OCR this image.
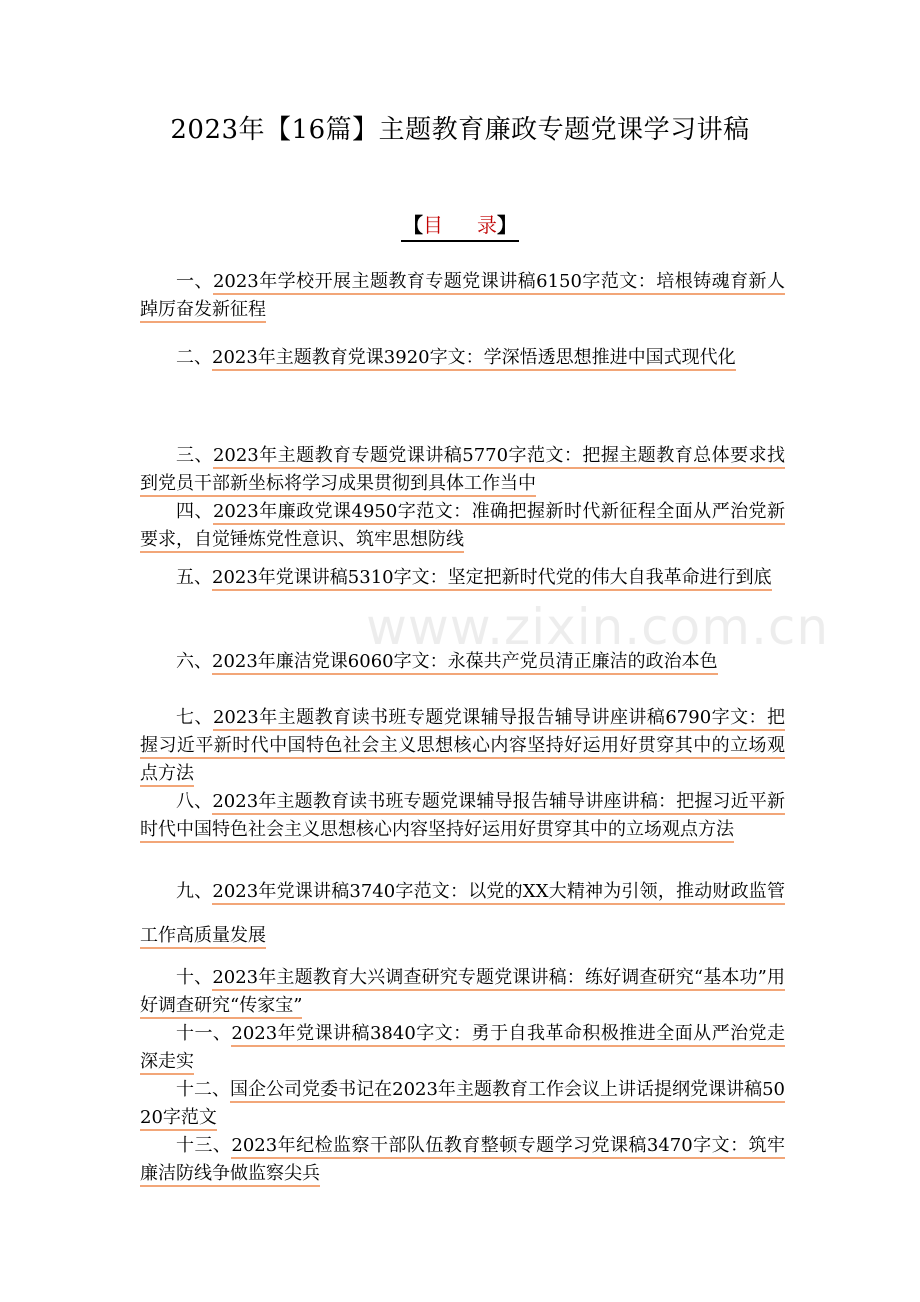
2023年【16篇】主题教育廉政专题党课学习讲稿
【目 录】
一、2023年学校开展主题教育专题党课讲稿6150字范文：培根铸魂育新人踔厉奋发新征程
二、2023年主题教育党课3920字文：学深悟透思想推进中国式现代化
三、2023年主题教育专题党课讲稿5770字范文：把握主题教育总体要求找到党员干部新坐标将学习成果贯彻到具体工作当中
四、2023年廉政党课4950字范文：准确把握新时代新征程全面从严治党新要求，自觉锤炼党性意识、筑牢思想防线
五、2023年党课讲稿5310字文：坚定把新时代党的伟大自我革命进行到底
六、2023年廉洁党课6060字文：永葆共产党员清正廉洁的政治本色
七、2023年主题教育读书班专题党课辅导报告辅导讲座讲稿6790字文：把握习近平新时代中国特色社会主义思想核心内容坚持好运用好贯穿其中的立场观点方法
八、2023年主题教育读书班专题党课辅导报告辅导讲座讲稿：把握习近平新时代中国特色社会主义思想核心内容坚持好运用好贯穿其中的立场观点方法
九、2023年党课讲稿3740字范文：以党的XX大精神为引领，推动财政监管工作高质量发展
十、2023年主题教育大兴调查研究专题党课讲稿：练好调查研究“基本功”用好调查研究“传家宝”
十一、2023年党课讲稿3840字文：勇于自我革命积极推进全面从严治党走深走实
十二、国企公司党委书记在2023年主题教育工作会议上讲话提纲党课讲稿5020字范文
十三、2023年纪检监察干部队伍教育整顿专题学习党课稿3470字文：筑牢廉洁防线争做监察尖兵
www.zixin.com.cn
